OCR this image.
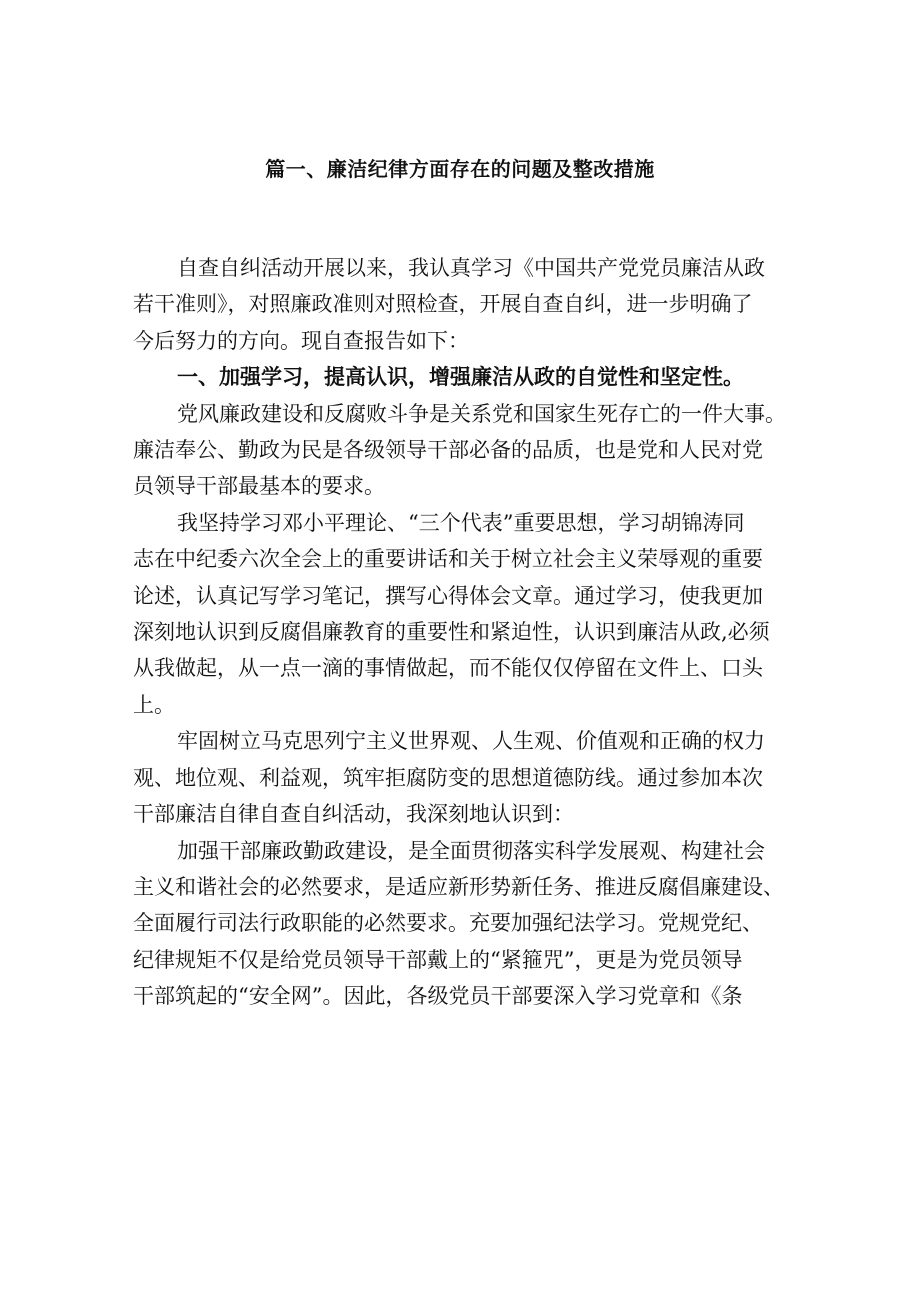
篇一、廉洁纪律方面存在的问题及整改措施
自查自纠活动开展以来，我认真学习《中国共产党党员廉洁从政
若干准则》，对照廉政准则对照检查，开展自查自纠，进一步明确了
今后努力的方向。现自查报告如下：
一、加强学习，提高认识，增强廉洁从政的自觉性和坚定性。
党风廉政建设和反腐败斗争是关系党和国家生死存亡的一件大事。
廉洁奉公、勤政为民是各级领导干部必备的品质，也是党和人民对党
员领导干部最基本的要求。
我坚持学习邓小平理论、“三个代表”重要思想，学习胡锦涛同
志在中纪委六次全会上的重要讲话和关于树立社会主义荣辱观的重要
论述，认真记写学习笔记，撰写心得体会文章。通过学习，使我更加
深刻地认识到反腐倡廉教育的重要性和紧迫性，认识到廉洁从政,必须
从我做起，从一点一滴的事情做起，而不能仅仅停留在文件上、口头
上。
牢固树立马克思列宁主义世界观、人生观、价值观和正确的权力
观、地位观、利益观，筑牢拒腐防变的思想道德防线。通过参加本次
干部廉洁自律自查自纠活动，我深刻地认识到：
加强干部廉政勤政建设，是全面贯彻落实科学发展观、构建社会
主义和谐社会的必然要求，是适应新形势新任务、推进反腐倡廉建设、
全面履行司法行政职能的必然要求。充要加强纪法学习。党规党纪、
纪律规矩不仅是给党员领导干部戴上的“紧箍咒”，更是为党员领导
干部筑起的“安全网”。因此，各级党员干部要深入学习党章和《条
